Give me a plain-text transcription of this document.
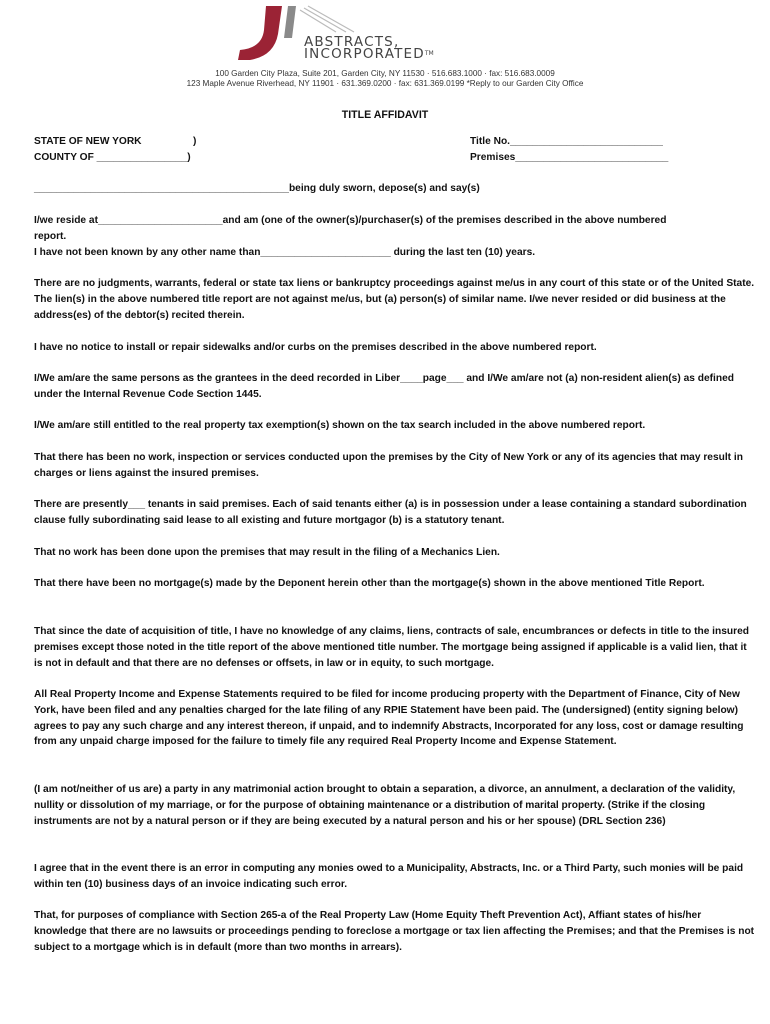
ABSTRACTS,
INCORPORATED™
100 Garden City Plaza, Suite 201, Garden City, NY 11530 · 516.683.1000 · fax: 516.683.0009
123 Maple Avenue Riverhead, NY 11901 · 631.369.0200 · fax: 631.369.0199 *Reply to our Garden City Office
TITLE AFFIDAVIT
STATE OF NEW YORK	)
COUNTY OF ________________)
Title No.___________________________
Premises___________________________
_____________________________________________being duly sworn, depose(s) and say(s)
I/we reside at______________________and am (one of the owner(s)/purchaser(s) of the premises described in the above numbered
report.
I have not been known by any other name than_______________________ during the last ten (10) years.
There are no judgments, warrants, federal or state tax liens or bankruptcy proceedings against me/us in any court of this state or of the United State. The lien(s) in the above numbered title report are not against me/us, but (a) person(s) of similar name. I/we never resided or did business at the address(es) of the debtor(s) recited therein.
I have no notice to install or repair sidewalks and/or curbs on the premises described in the above numbered report.
I/We am/are the same persons as the grantees in the deed recorded in Liber____page___ and I/We am/are not (a) non-resident alien(s) as defined under the Internal Revenue Code Section 1445.
I/We am/are still entitled to the real property tax exemption(s) shown on the tax search included in the above numbered report.
That there has been no work, inspection or services conducted upon the premises by the City of New York or any of its agencies that may result in charges or liens against the insured premises.
There are presently___ tenants in said premises. Each of said tenants either (a) is in possession under a lease containing a standard subordination clause fully subordinating said lease to all existing and future mortgagor (b) is a statutory tenant.
That no work has been done upon the premises that may result in the filing of a Mechanics Lien.
That there have been no mortgage(s) made by the Deponent herein other than the mortgage(s) shown in the above mentioned Title Report.
That since the date of acquisition of title, I have no knowledge of any claims, liens, contracts of sale, encumbrances or defects in title to the insured premises except those noted in the title report of the above mentioned title number. The mortgage being assigned if applicable is a valid lien, that it is not in default and that there are no defenses or offsets, in law or in equity, to such mortgage.
All Real Property Income and Expense Statements required to be filed for income producing property with the Department of Finance, City of New York, have been filed and any penalties charged for the late filing of any RPIE Statement have been paid. The (undersigned) (entity signing below) agrees to pay any such charge and any interest thereon, if unpaid, and to indemnify Abstracts, Incorporated for any loss, cost or damage resulting from any unpaid charge imposed for the failure to timely file any required Real Property Income and Expense Statement.
(I am not/neither of us are) a party in any matrimonial action brought to obtain a separation, a divorce, an annulment, a declaration of the validity, nullity or dissolution of my marriage, or for the purpose of obtaining maintenance or a distribution of marital property. (Strike if the closing instruments are not by a natural person or if they are being executed by a natural person and his or her spouse) (DRL Section 236)
I agree that in the event there is an error in computing any monies owed to a Municipality, Abstracts, Inc. or a Third Party, such monies will be paid within ten (10) business days of an invoice indicating such error.
That, for purposes of compliance with Section 265-a of the Real Property Law (Home Equity Theft Prevention Act), Affiant states of his/her knowledge that there are no lawsuits or proceedings pending to foreclose a mortgage or tax lien affecting the Premises; and that the Premises is not subject to a mortgage which is in default (more than two months in arrears).
